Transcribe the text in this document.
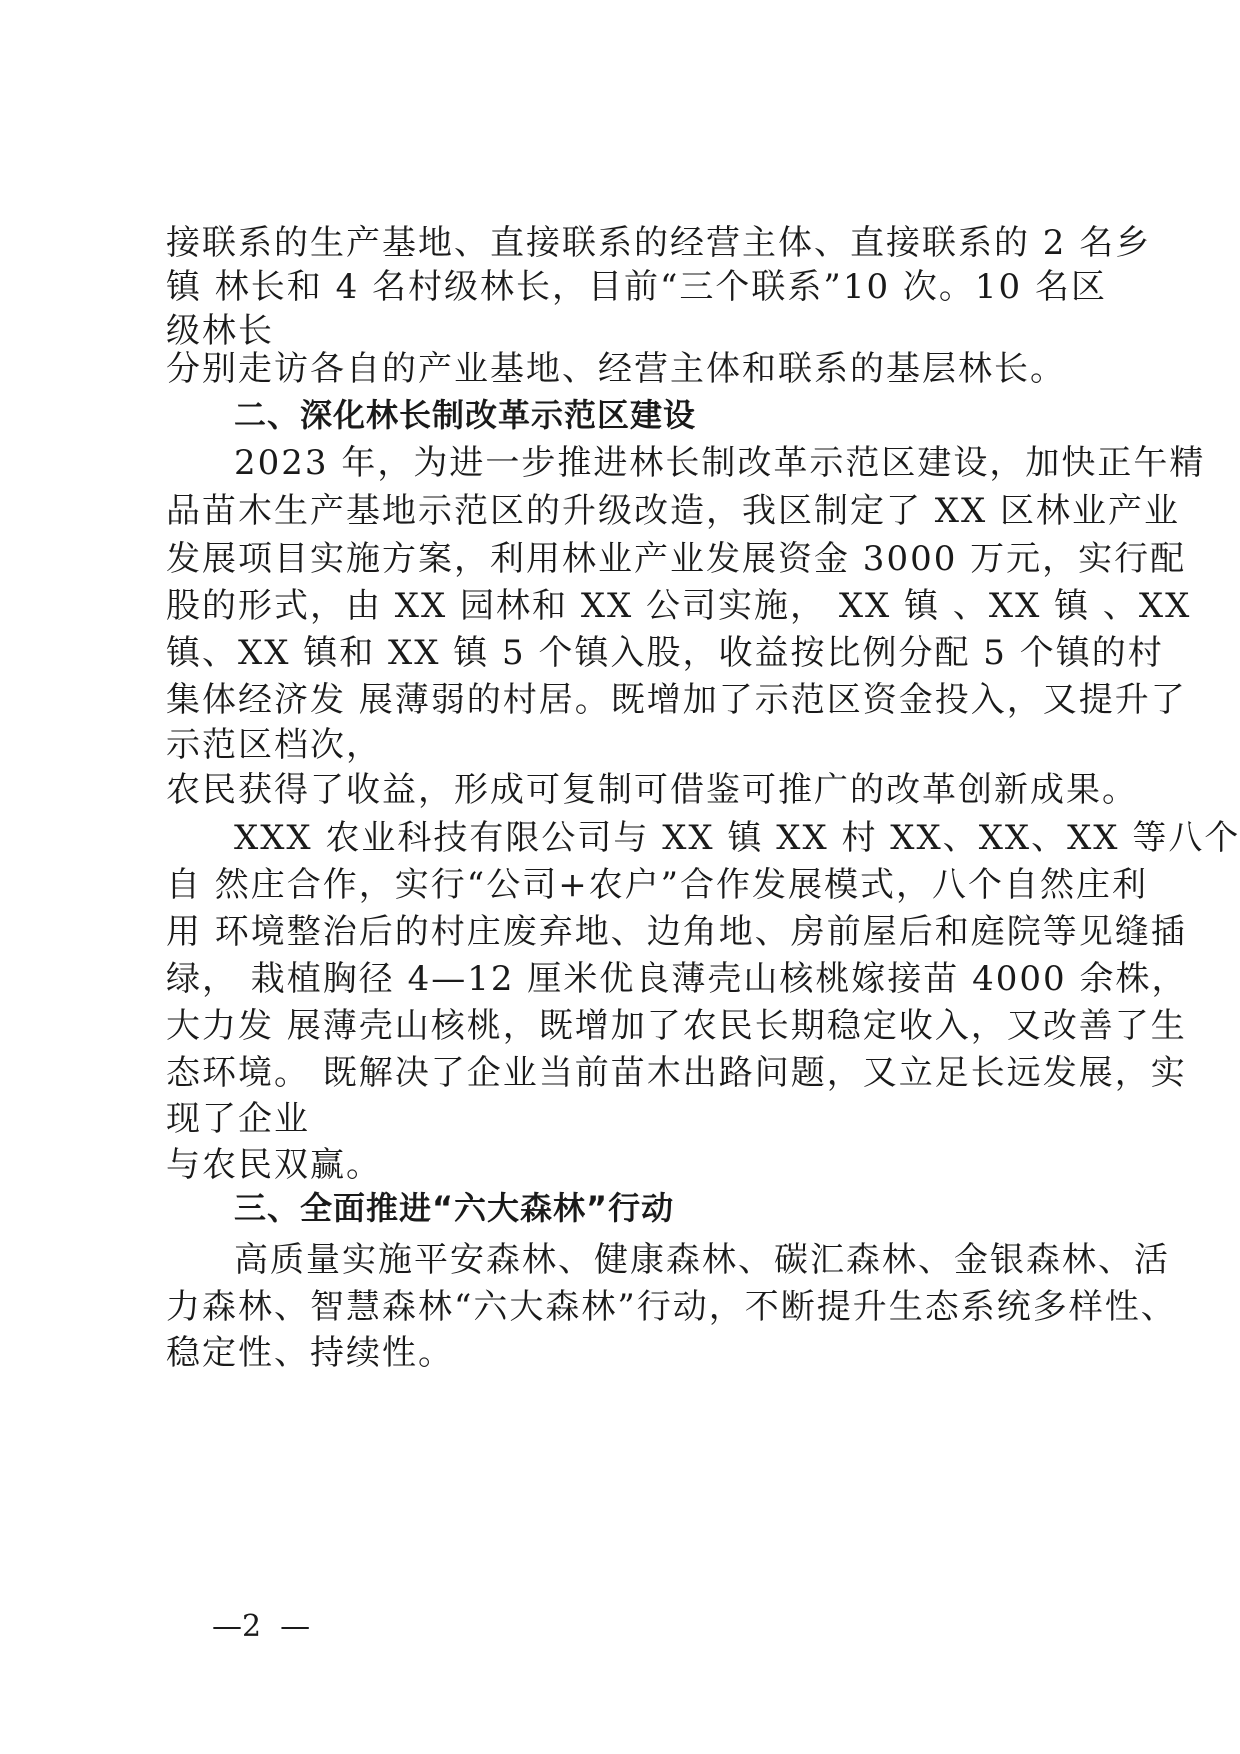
接联系的生产基地、直接联系的经营主体、直接联系的 2 名乡
镇 林长和 4 名村级林长，目前“三个联系”10 次。10 名区
级林长
分别走访各自的产业基地、经营主体和联系的基层林长。
二、深化林长制改革示范区建设
2023 年，为进一步推进林长制改革示范区建设，加快正午精
品苗木生产基地示范区的升级改造，我区制定了 XX 区林业产业
发展项目实施方案，利用林业产业发展资金 3000 万元，实行配
股的形式，由 XX 园林和 XX 公司实施， XX 镇 、XX 镇 、XX
镇、XX 镇和 XX 镇 5 个镇入股，收益按比例分配 5 个镇的村
集体经济发 展薄弱的村居。既增加了示范区资金投入，又提升了
示范区档次，
农民获得了收益，形成可复制可借鉴可推广的改革创新成果。
XXX 农业科技有限公司与 XX 镇 XX 村 XX、XX、XX 等八个
自 然庄合作，实行“公司+农户”合作发展模式，八个自然庄利
用 环境整治后的村庄废弃地、边角地、房前屋后和庭院等见缝插
绿， 栽植胸径 4—12 厘米优良薄壳山核桃嫁接苗 4000 余株，
大力发 展薄壳山核桃，既增加了农民长期稳定收入，又改善了生
态环境。 既解决了企业当前苗木出路问题，又立足长远发展，实
现了企业
与农民双赢。
三、全面推进“六大森林”行动
高质量实施平安森林、健康森林、碳汇森林、金银森林、活
力森林、智慧森林“六大森林”行动，不断提升生态系统多样性、
稳定性、持续性。
—2  —
